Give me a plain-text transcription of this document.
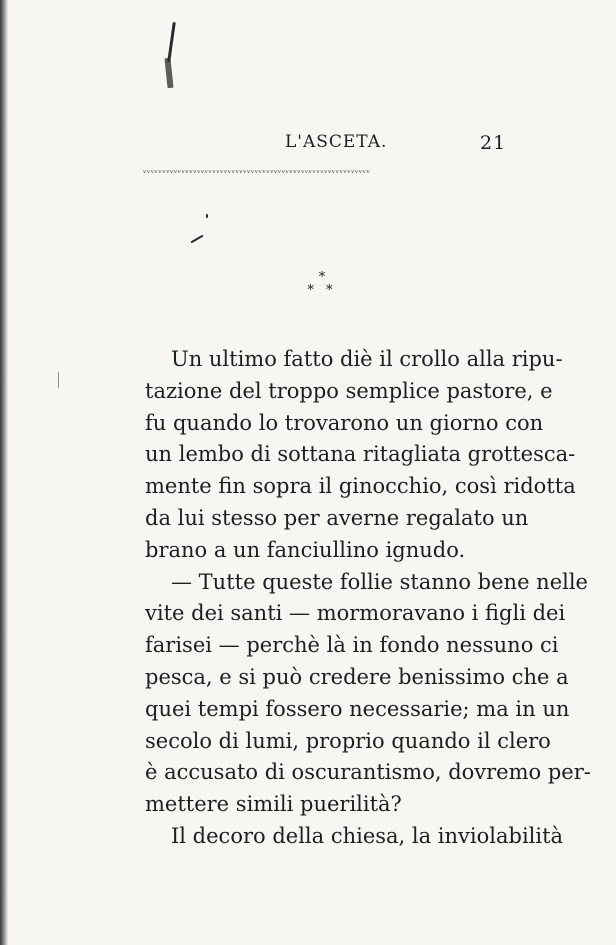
L'ASCETA.	21
ᵥᵥᵥᵥᵥᵥᵥᵥᵥᵥᵥᵥᵥᵥᵥᵥᵥᵥᵥᵥᵥᵥᵥᵥᵥᵥᵥᵥᵥᵥᵥᵥᵥᵥᵥᵥᵥᵥᵥᵥᵥᵥᵥᵥᵥᵥᵥᵥᵥᵥᵥᵥᵥᵥᵥᵥᵥᵥᵥ
*
* *
Un ultimo fatto diè il crollo alla ripu-
tazione del troppo semplice pastore, e
fu quando lo trovarono un giorno con
un lembo di sottana ritagliata grottesca-
mente fin sopra il ginocchio, così ridotta
da lui stesso per averne regalato un
brano a un fanciullino ignudo.
— Tutte queste follie stanno bene nelle
vite dei santi — mormoravano i figli dei
farisei — perchè là in fondo nessuno ci
pesca, e si può credere benissimo che a
quei tempi fossero necessarie; ma in un
secolo di lumi, proprio quando il clero
è accusato di oscurantismo, dovremo per-
mettere simili puerilità?
Il decoro della chiesa, la inviolabilità
